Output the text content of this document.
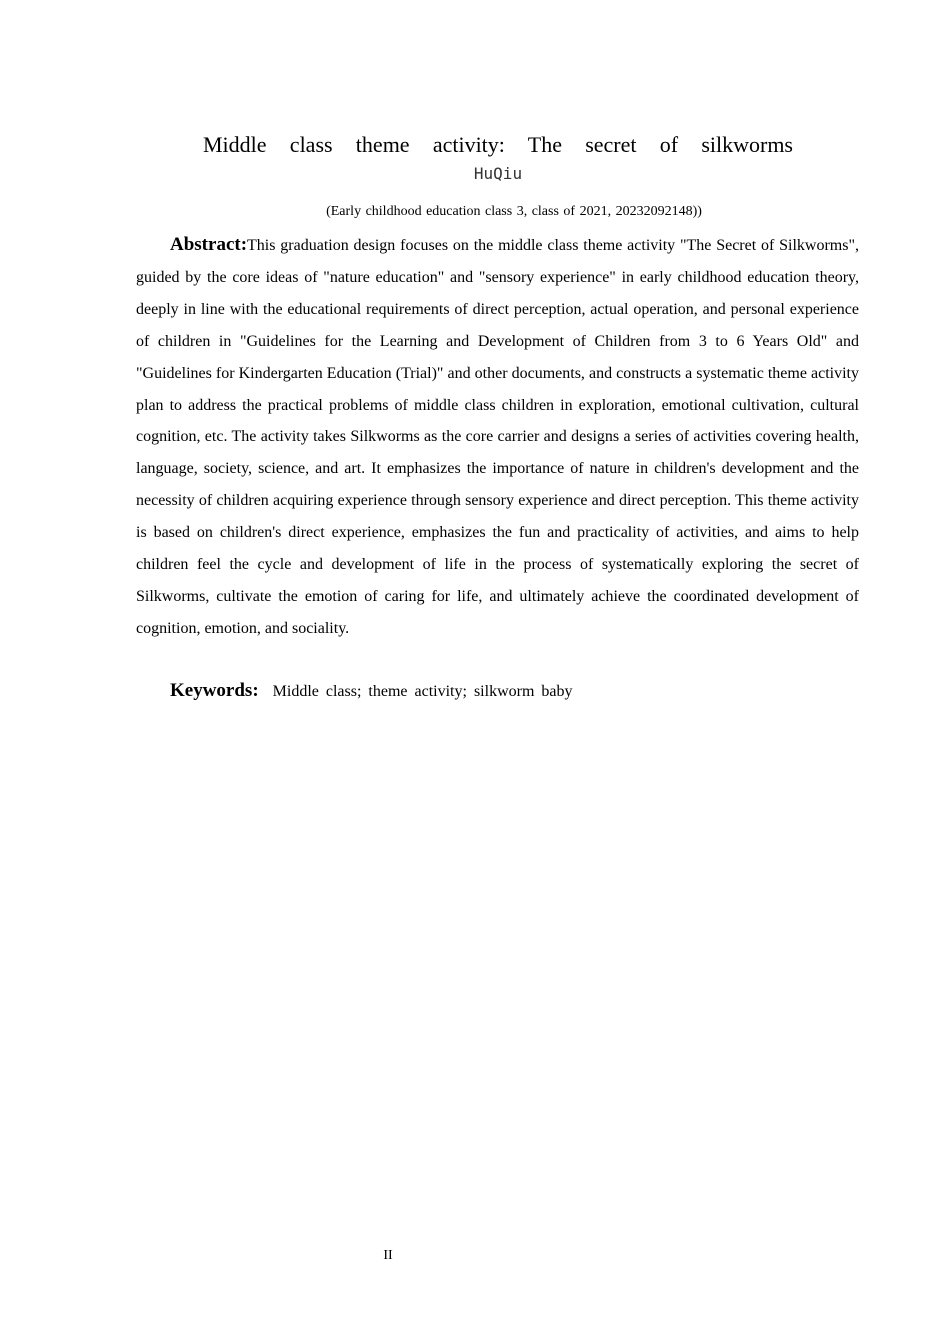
Middle class theme activity: The secret of silkworms
HuQiu
(Early childhood education class 3, class of 2021, 20232092148))

Abstract:This graduation design focuses on the middle class theme activity "The Secret of Silkworms", guided by the core ideas of "nature education" and "sensory experience" in early childhood education theory, deeply in line with the educational requirements of direct perception, actual operation, and personal experience of children in "Guidelines for the Learning and Development of Children from 3 to 6 Years Old" and "Guidelines for Kindergarten Education (Trial)" and other documents, and constructs a systematic theme activity plan to address the practical problems of middle class children in exploration, emotional cultivation, cultural cognition, etc. The activity takes Silkworms as the core carrier and designs a series of activities covering health, language, society, science, and art. It emphasizes the importance of nature in children's development and the necessity of children acquiring experience through sensory experience and direct perception. This theme activity is based on children's direct experience, emphasizes the fun and practicality of activities, and aims to help children feel the cycle and development of life in the process of systematically exploring the secret of Silkworms, cultivate the emotion of caring for life, and ultimately achieve the coordinated development of cognition, emotion, and sociality.

Keywords: Middle class; theme activity; silkworm baby
II
